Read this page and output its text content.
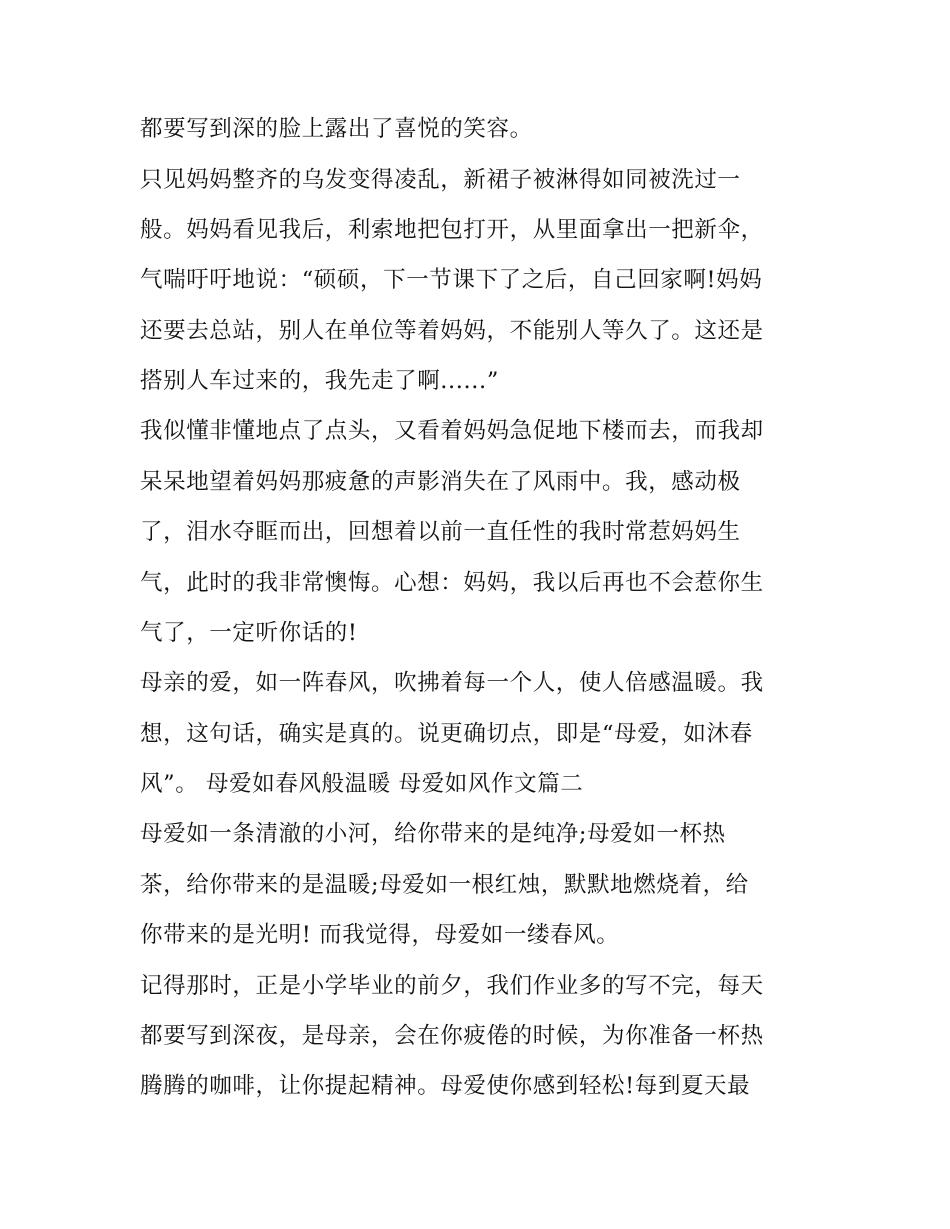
都要写到深的脸上露出了喜悦的笑容。
只见妈妈整齐的乌发变得凌乱，新裙子被淋得如同被洗过一
般。妈妈看见我后，利索地把包打开，从里面拿出一把新伞，
气喘吁吁地说：“硕硕，下一节课下了之后，自己回家啊!妈妈
还要去总站，别人在单位等着妈妈，不能别人等久了。这还是
搭别人车过来的，我先走了啊......”
我似懂非懂地点了点头，又看着妈妈急促地下楼而去，而我却
呆呆地望着妈妈那疲惫的声影消失在了风雨中。我，感动极
了，泪水夺眶而出，回想着以前一直任性的我时常惹妈妈生
气，此时的我非常懊悔。心想：妈妈，我以后再也不会惹你生
气了，一定听你话的!
母亲的爱，如一阵春风，吹拂着每一个人，使人倍感温暖。我
想，这句话，确实是真的。说更确切点，即是“母爱，如沐春
风”。 母爱如春风般温暖 母爱如风作文篇二
母爱如一条清澈的小河，给你带来的是纯净;母爱如一杯热
茶，给你带来的是温暖;母爱如一根红烛，默默地燃烧着，给
你带来的是光明! 而我觉得，母爱如一缕春风。
记得那时，正是小学毕业的前夕，我们作业多的写不完，每天
都要写到深夜，是母亲，会在你疲倦的时候，为你准备一杯热
腾腾的咖啡，让你提起精神。母爱使你感到轻松!每到夏天最
